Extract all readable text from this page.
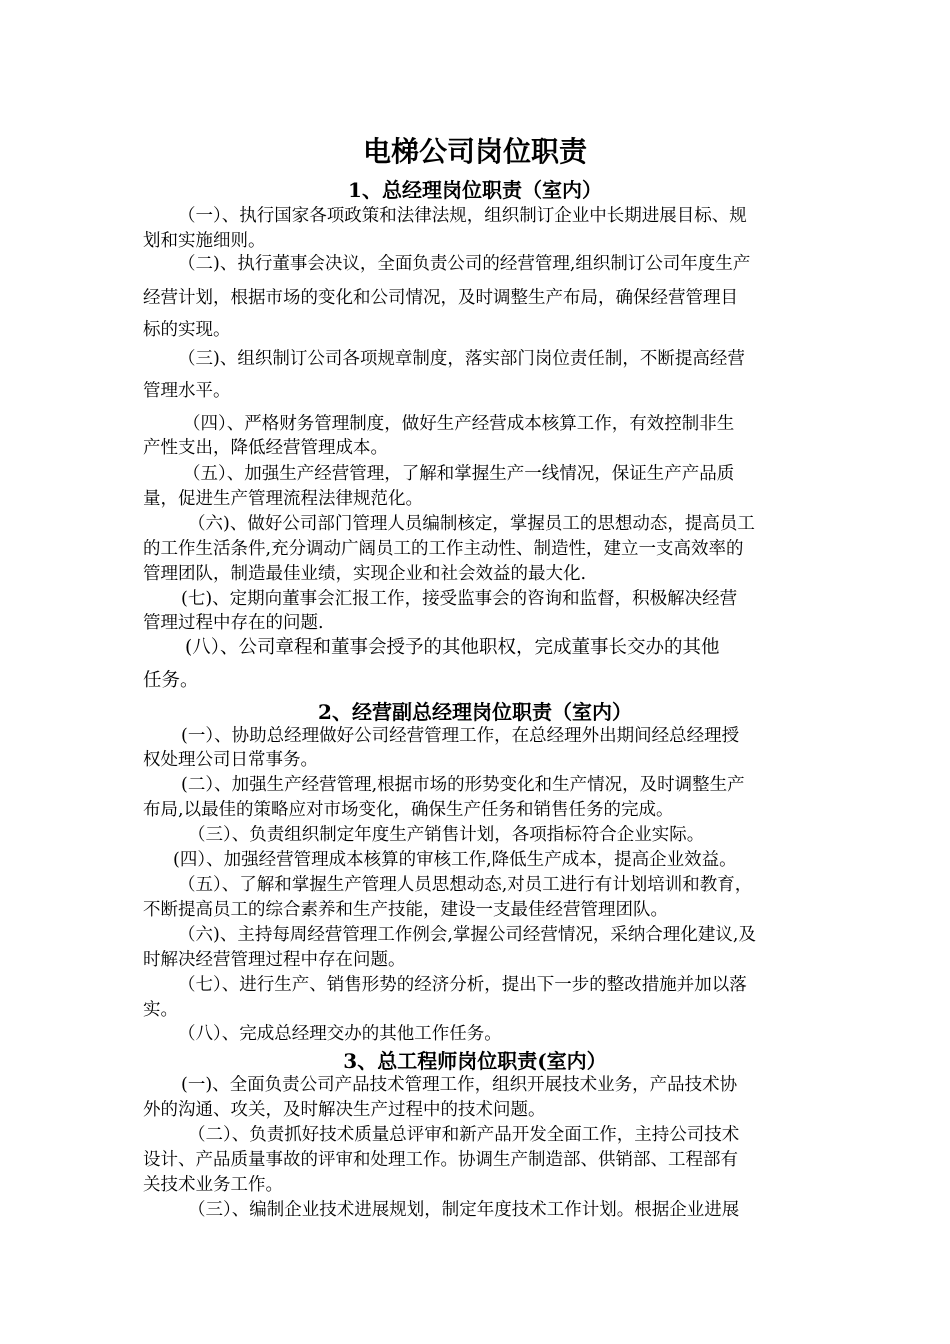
电梯公司岗位职责
1、总经理岗位职责（室内）
（一）、执行国家各项政策和法律法规，组织制订企业中长期进展目标、规
划和实施细则。
（二)、执行董事会决议，全面负责公司的经营管理,组织制订公司年度生产
经营计划，根据市场的变化和公司情况，及时调整生产布局，确保经营管理目
标的实现。
（三)、组织制订公司各项规章制度，落实部门岗位责任制，不断提高经营
管理水平。
（四）、严格财务管理制度，做好生产经营成本核算工作，有效控制非生
产性支出，降低经营管理成本。
（五）、加强生产经营管理，了解和掌握生产一线情况，保证生产产品质
量，促进生产管理流程法律规范化。
（六)、做好公司部门管理人员编制核定，掌握员工的思想动态，提高员工
的工作生活条件,充分调动广阔员工的工作主动性、制造性，建立一支高效率的
管理团队，制造最佳业绩，实现企业和社会效益的最大化.
(七)、定期向董事会汇报工作，接受监事会的咨询和监督，积极解决经营
管理过程中存在的问题.
(八）、公司章程和董事会授予的其他职权，完成董事长交办的其他
任务。
2、经营副总经理岗位职责（室内）
(一）、协助总经理做好公司经营管理工作，在总经理外出期间经总经理授
权处理公司日常事务。
(二）、加强生产经营管理,根据市场的形势变化和生产情况，及时调整生产
布局,以最佳的策略应对市场变化，确保生产任务和销售任务的完成。
（三）、负责组织制定年度生产销售计划，各项指标符合企业实际。
(四）、加强经营管理成本核算的审核工作,降低生产成本，提高企业效益。
（五）、了解和掌握生产管理人员思想动态,对员工进行有计划培训和教育，
不断提高员工的综合素养和生产技能，建设一支最佳经营管理团队。
（六)、主持每周经营管理工作例会,掌握公司经营情况，采纳合理化建议,及
时解决经营管理过程中存在问题。
（七）、进行生产、销售形势的经济分析，提出下一步的整改措施并加以落
实。
（八）、完成总经理交办的其他工作任务。
3、总工程师岗位职责(室内）
(一)、全面负责公司产品技术管理工作，组织开展技术业务，产品技术协
外的沟通、攻关，及时解决生产过程中的技术问题。
（二）、负责抓好技术质量总评审和新产品开发全面工作，主持公司技术
设计、产品质量事故的评审和处理工作。协调生产制造部、供销部、工程部有
关技术业务工作。
（三）、编制企业技术进展规划，制定年度技术工作计划。根据企业进展
